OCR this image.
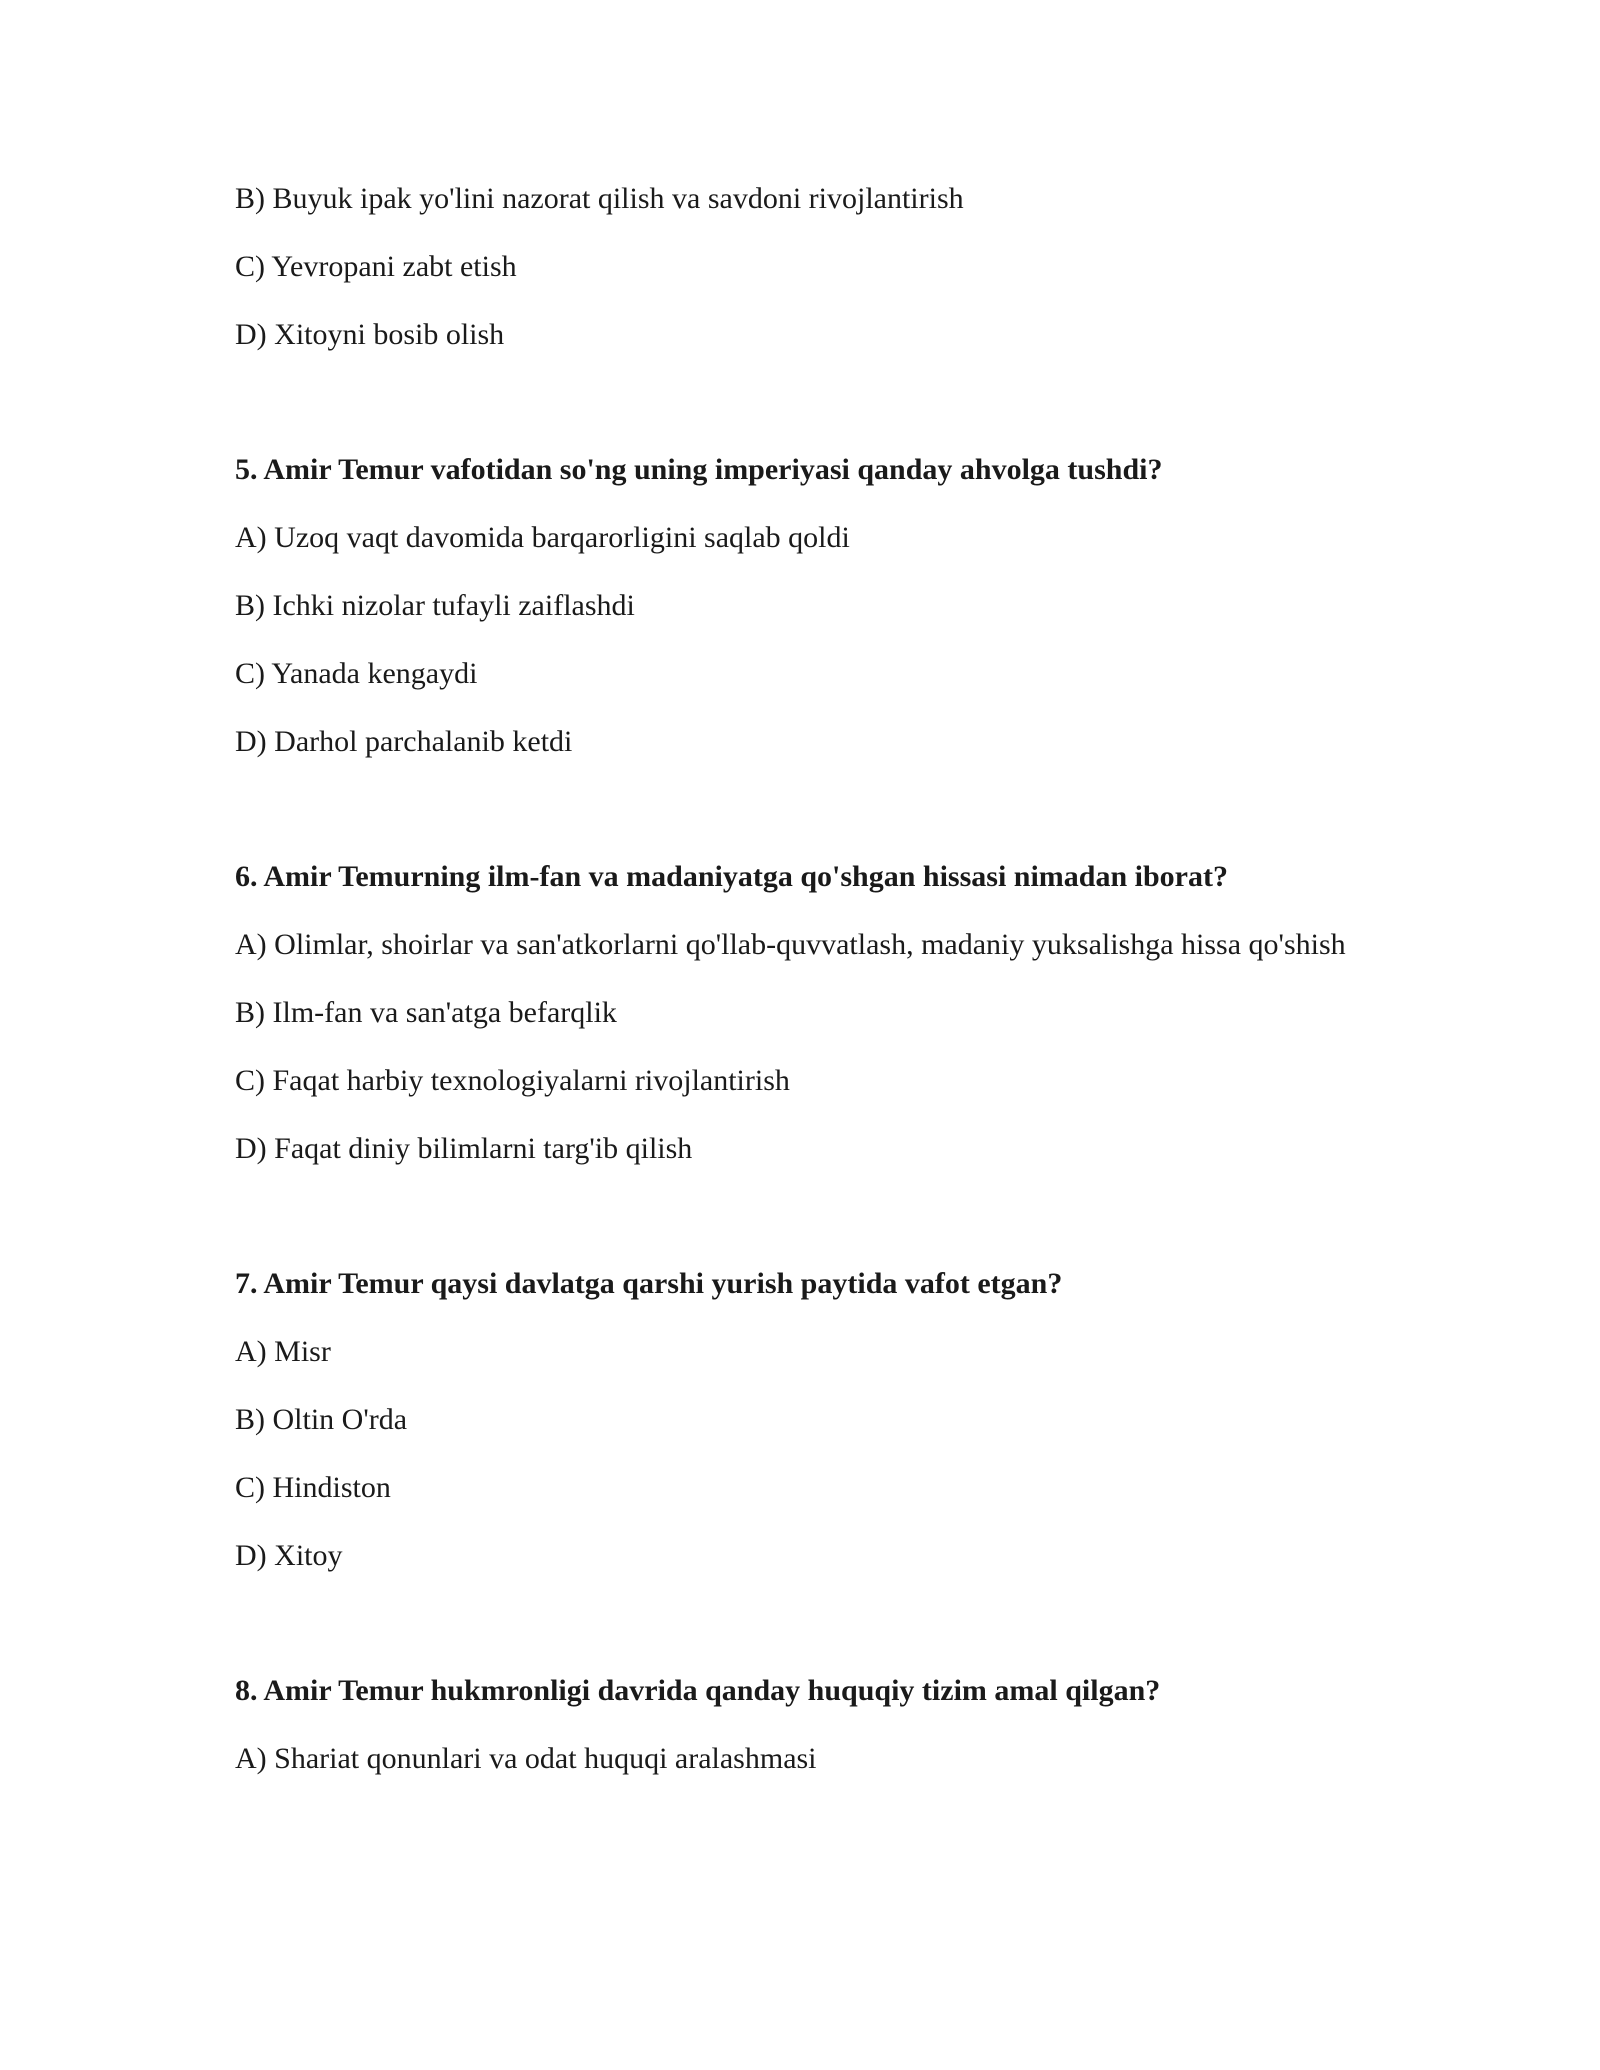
B) Buyuk ipak yo'lini nazorat qilish va savdoni rivojlantirish
C) Yevropani zabt etish
D) Xitoyni bosib olish
5. Amir Temur vafotidan so'ng uning imperiyasi qanday ahvolga tushdi?
A) Uzoq vaqt davomida barqarorligini saqlab qoldi
B) Ichki nizolar tufayli zaiflashdi
C) Yanada kengaydi
D) Darhol parchalanib ketdi
6. Amir Temurning ilm-fan va madaniyatga qo'shgan hissasi nimadan iborat?
A) Olimlar, shoirlar va san'atkorlarni qo'llab-quvvatlash, madaniy yuksalishga hissa qo'shish
B) Ilm-fan va san'atga befarqlik
C) Faqat harbiy texnologiyalarni rivojlantirish
D) Faqat diniy bilimlarni targ'ib qilish
7. Amir Temur qaysi davlatga qarshi yurish paytida vafot etgan?
A) Misr
B) Oltin O'rda
C) Hindiston
D) Xitoy
8. Amir Temur hukmronligi davrida qanday huquqiy tizim amal qilgan?
A) Shariat qonunlari va odat huquqi aralashmasi
